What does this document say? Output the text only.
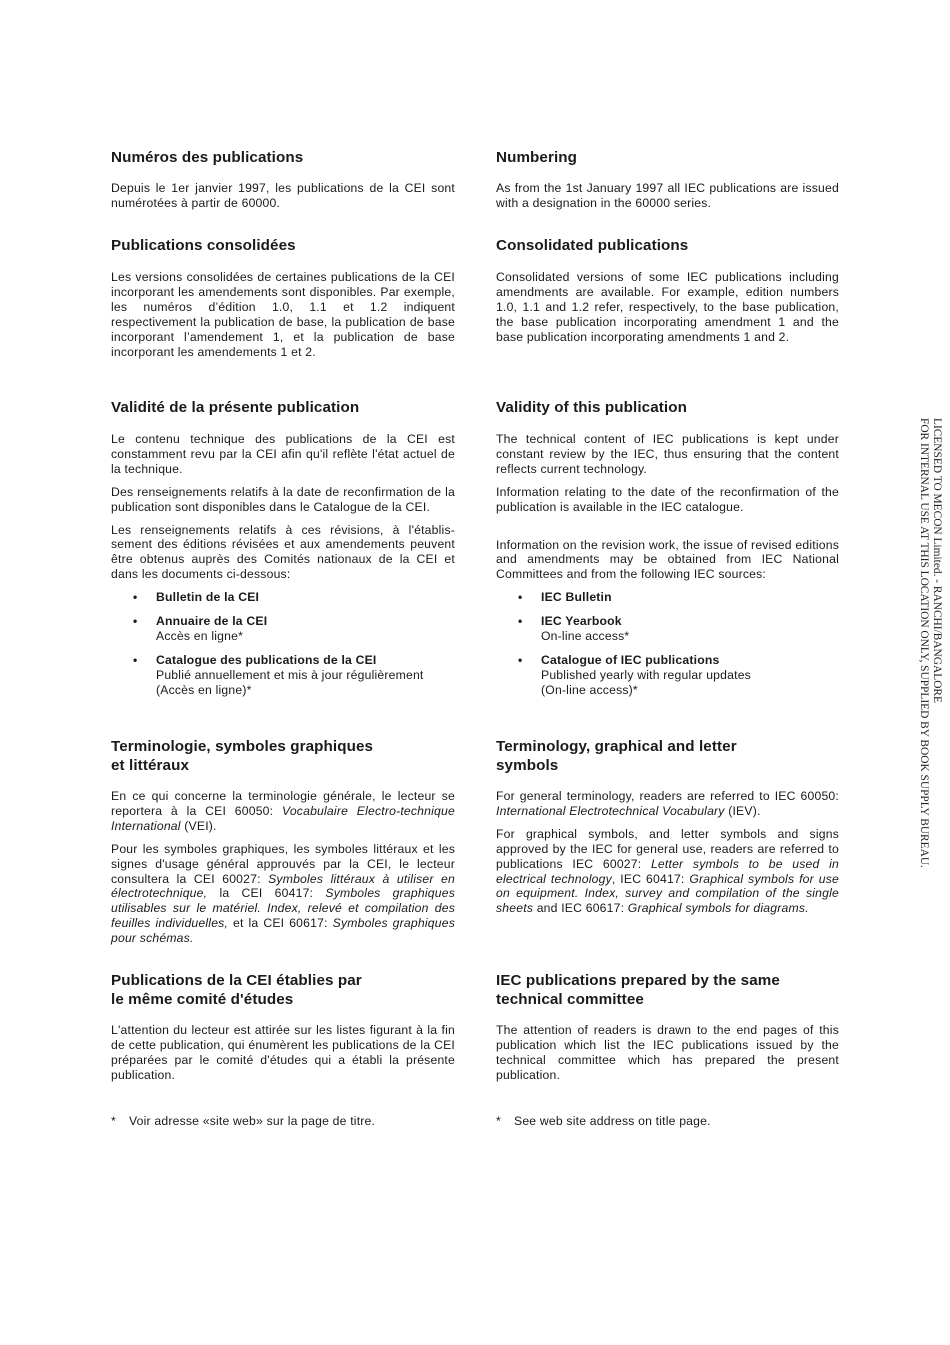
Numéros des publications

Depuis le 1er janvier 1997, les publications de la CEI sont numérotées à partir de 60000.

Publications consolidées

Les versions consolidées de certaines publications de la CEI incorporant les amendements sont disponibles. Par exemple, les numéros d’édition 1.0, 1.1 et 1.2 indiquent respectivement la publication de base, la publication de base incorporant l’amendement 1, et la publication de base incorporant les amendements 1 et 2.

Validité de la présente publication

Le contenu technique des publications de la CEI est constamment revu par la CEI afin qu'il reflète l'état actuel de la technique.

Des renseignements relatifs à la date de reconfirmation de la publication sont disponibles dans le Catalogue de la CEI.

Les renseignements relatifs à ces révisions, à l'établis-sement des éditions révisées et aux amendements peuvent être obtenus auprès des Comités nationaux de la CEI et dans les documents ci-dessous:

• Bulletin de la CEI
• Annuaire de la CEI
Accès en ligne*
• Catalogue des publications de la CEI
Publié annuellement et mis à jour régulièrement
(Accès en ligne)*
Terminologie, symboles graphiques
et littéraux

En ce qui concerne la terminologie générale, le lecteur se reportera à la CEI 60050: Vocabulaire Electro-technique International (VEI).

Pour les symboles graphiques, les symboles littéraux et les signes d'usage général approuvés par la CEI, le lecteur consultera la CEI 60027: Symboles littéraux à utiliser en électrotechnique, la CEI 60417: Symboles graphiques utilisables sur le matériel. Index, relevé et compilation des feuilles individuelles, et la CEI 60617: Symboles graphiques pour schémas.

Publications de la CEI établies par
le même comité d'études

L'attention du lecteur est attirée sur les listes figurant à la fin de cette publication, qui énumèrent les publications de la CEI préparées par le comité d'études qui a établi la présente publication.

* Voir adresse «site web» sur la page de titre.
Numbering

As from the 1st January 1997 all IEC publications are issued with a designation in the 60000 series.

Consolidated publications

Consolidated versions of some IEC publications including amendments are available. For example, edition numbers 1.0, 1.1 and 1.2 refer, respectively, to the base publication, the base publication incorporating amendment 1 and the base publication incorporating amendments 1 and 2.

Validity of this publication

The technical content of IEC publications is kept under constant review by the IEC, thus ensuring that the content reflects current technology.

Information relating to the date of the reconfirmation of the publication is available in the IEC catalogue.

Information on the revision work, the issue of revised editions and amendments may be obtained from IEC National Committees and from the following IEC sources:

• IEC Bulletin
• IEC Yearbook
On-line access*
• Catalogue of IEC publications
Published yearly with regular updates
(On-line access)*
Terminology, graphical and letter
symbols

For general terminology, readers are referred to IEC 60050: International Electrotechnical Vocabulary (IEV).

For graphical symbols, and letter symbols and signs approved by the IEC for general use, readers are referred to publications IEC 60027: Letter symbols to be used in electrical technology, IEC 60417: Graphical symbols for use on equipment. Index, survey and compilation of the single sheets and IEC 60617: Graphical symbols for diagrams.

IEC publications prepared by the same
technical committee

The attention of readers is drawn to the end pages of this publication which list the IEC publications issued by the technical committee which has prepared the present publication.

* See web site address on title page.
LICENSED TO MECON Limited. - RANCHI/BANGALORE
FOR INTERNAL USE AT THIS LOCATION ONLY, SUPPLIED BY BOOK SUPPLY BUREAU.
